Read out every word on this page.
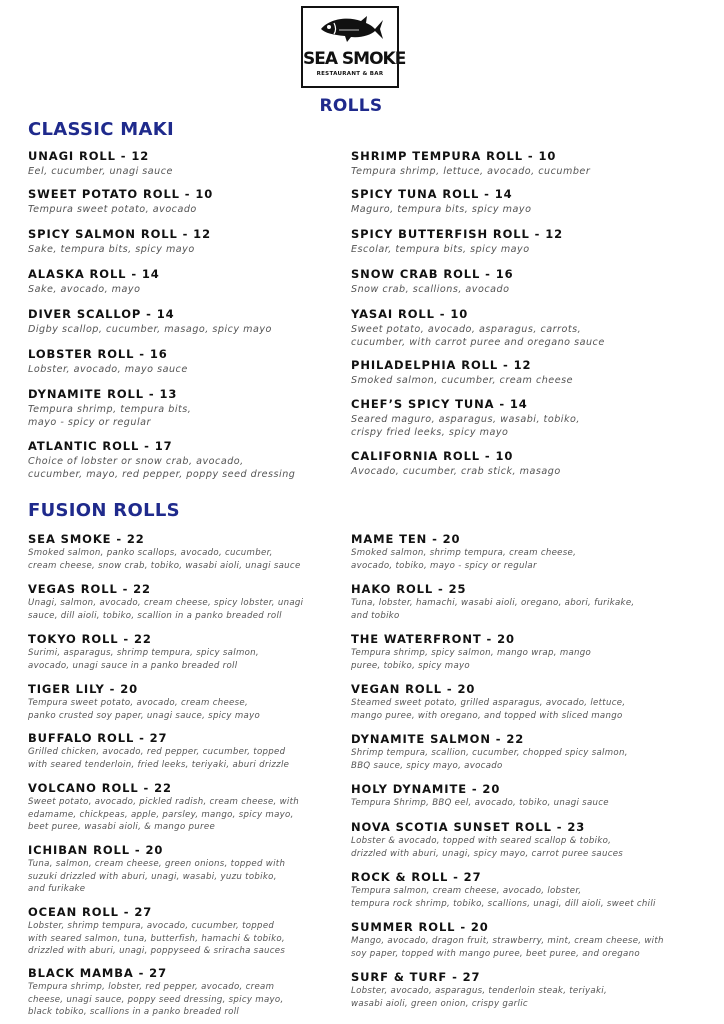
SEA SMOKE
RESTAURANT & BAR
ROLLS
CLASSIC MAKI
UNAGI ROLL - 12
Eel, cucumber, unagi sauce
SWEET POTATO ROLL - 10
Tempura sweet potato, avocado
SPICY SALMON ROLL - 12
Sake, tempura bits, spicy mayo
ALASKA ROLL - 14
Sake, avocado, mayo
DIVER SCALLOP - 14
Digby scallop, cucumber, masago, spicy mayo
LOBSTER ROLL - 16
Lobster, avocado, mayo sauce
DYNAMITE ROLL - 13
Tempura shrimp, tempura bits,
mayo - spicy or regular
ATLANTIC ROLL - 17
Choice of lobster or snow crab, avocado,
cucumber, mayo, red pepper, poppy seed dressing
SHRIMP TEMPURA ROLL - 10
Tempura shrimp, lettuce, avocado, cucumber
SPICY TUNA ROLL - 14
Maguro, tempura bits, spicy mayo
SPICY BUTTERFISH ROLL - 12
Escolar, tempura bits, spicy mayo
SNOW CRAB ROLL - 16
Snow crab, scallions, avocado
YASAI ROLL - 10
Sweet potato, avocado, asparagus, carrots,
cucumber, with carrot puree and oregano sauce
PHILADELPHIA ROLL - 12
Smoked salmon, cucumber, cream cheese
CHEF’S SPICY TUNA - 14
Seared maguro, asparagus, wasabi, tobiko,
crispy fried leeks, spicy mayo
CALIFORNIA ROLL - 10
Avocado, cucumber, crab stick, masago
FUSION ROLLS
SEA SMOKE - 22
Smoked salmon, panko scallops, avocado, cucumber,
cream cheese, snow crab, tobiko, wasabi aioli, unagi sauce
VEGAS ROLL - 22
Unagi, salmon, avocado, cream cheese, spicy lobster, unagi
sauce, dill aioli, tobiko, scallion in a panko breaded roll
TOKYO ROLL - 22
Surimi, asparagus, shrimp tempura, spicy salmon,
avocado, unagi sauce in a panko breaded roll
TIGER LILY - 20
Tempura sweet potato, avocado, cream cheese,
panko crusted soy paper, unagi sauce, spicy mayo
BUFFALO ROLL - 27
Grilled chicken, avocado, red pepper, cucumber, topped
with seared tenderloin, fried leeks, teriyaki, aburi drizzle
VOLCANO ROLL - 22
Sweet potato, avocado, pickled radish, cream cheese, with
edamame, chickpeas, apple, parsley, mango, spicy mayo,
beet puree, wasabi aioli, & mango puree
ICHIBAN ROLL - 20
Tuna, salmon, cream cheese, green onions, topped with
suzuki drizzled with aburi, unagi, wasabi, yuzu tobiko,
and furikake
OCEAN ROLL - 27
Lobster, shrimp tempura, avocado, cucumber, topped
with seared salmon, tuna, butterfish, hamachi & tobiko,
drizzled with aburi, unagi, poppyseed & sriracha sauces
BLACK MAMBA - 27
Tempura shrimp, lobster, red pepper, avocado, cream
cheese, unagi sauce, poppy seed dressing, spicy mayo,
black tobiko, scallions in a panko breaded roll
MAME TEN - 20
Smoked salmon, shrimp tempura, cream cheese,
avocado, tobiko, mayo - spicy or regular
HAKO ROLL - 25
Tuna, lobster, hamachi, wasabi aioli, oregano, abori, furikake,
and tobiko
THE WATERFRONT - 20
Tempura shrimp, spicy salmon, mango wrap, mango
puree, tobiko, spicy mayo
VEGAN ROLL - 20
Steamed sweet potato, grilled asparagus, avocado, lettuce,
mango puree, with oregano, and topped with sliced mango
DYNAMITE SALMON - 22
Shrimp tempura, scallion, cucumber, chopped spicy salmon,
BBQ sauce, spicy mayo, avocado
HOLY DYNAMITE - 20
Tempura Shrimp, BBQ eel, avocado, tobiko, unagi sauce
NOVA SCOTIA SUNSET ROLL - 23
Lobster & avocado, topped with seared scallop & tobiko,
drizzled with aburi, unagi, spicy mayo, carrot puree sauces
ROCK & ROLL - 27
Tempura salmon, cream cheese, avocado, lobster,
tempura rock shrimp, tobiko, scallions, unagi, dill aioli, sweet chili
SUMMER ROLL - 20
Mango, avocado, dragon fruit, strawberry, mint, cream cheese, with
soy paper, topped with mango puree, beet puree, and oregano
SURF & TURF - 27
Lobster, avocado, asparagus, tenderloin steak, teriyaki,
wasabi aioli, green onion, crispy garlic
